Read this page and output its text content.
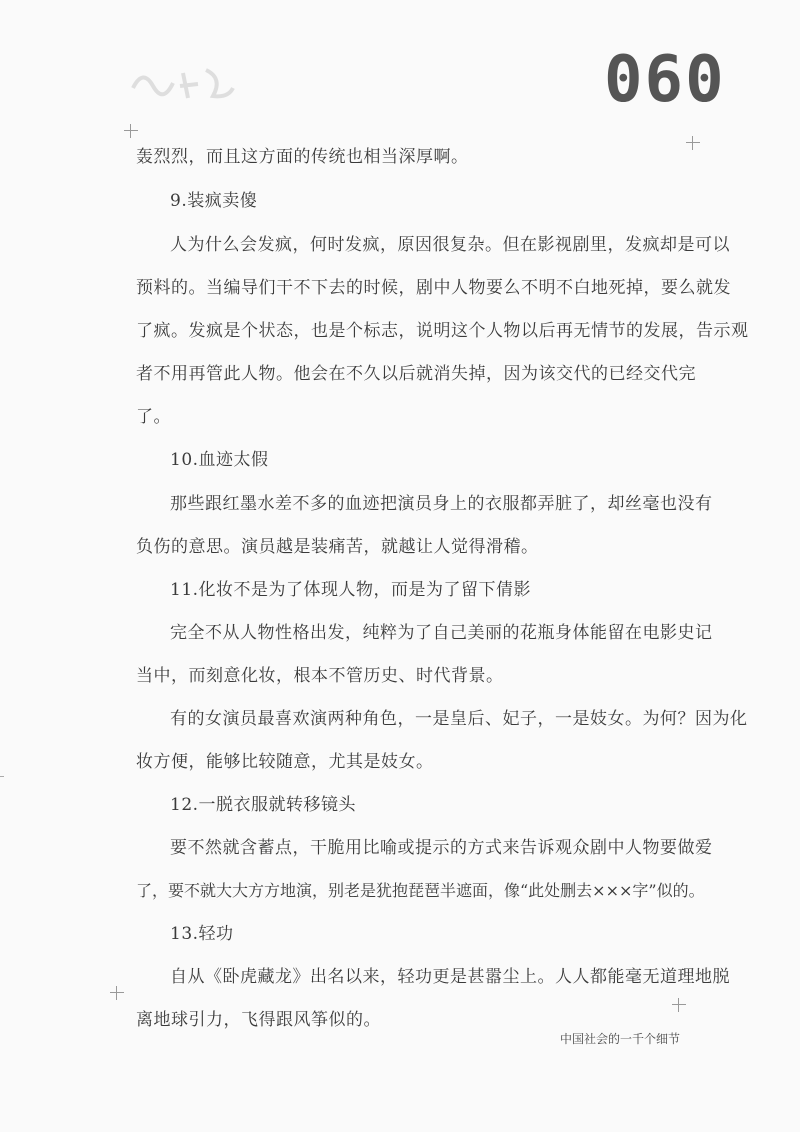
060
轰烈烈，而且这方面的传统也相当深厚啊。
9.装疯卖傻
人为什么会发疯，何时发疯，原因很复杂。但在影视剧里，发疯却是可以
预料的。当编导们干不下去的时候，剧中人物要么不明不白地死掉，要么就发
了疯。发疯是个状态，也是个标志，说明这个人物以后再无情节的发展，告示观
者不用再管此人物。他会在不久以后就消失掉，因为该交代的已经交代完
了。
10.血迹太假
那些跟红墨水差不多的血迹把演员身上的衣服都弄脏了，却丝毫也没有
负伤的意思。演员越是装痛苦，就越让人觉得滑稽。
11.化妆不是为了体现人物，而是为了留下倩影
完全不从人物性格出发，纯粹为了自己美丽的花瓶身体能留在电影史记
当中，而刻意化妆，根本不管历史、时代背景。
有的女演员最喜欢演两种角色，一是皇后、妃子，一是妓女。为何？因为化
妆方便，能够比较随意，尤其是妓女。
12.一脱衣服就转移镜头
要不然就含蓄点，干脆用比喻或提示的方式来告诉观众剧中人物要做爱
了，要不就大大方方地演，别老是犹抱琵琶半遮面，像“此处删去×××字”似的。
13.轻功
自从《卧虎藏龙》出名以来，轻功更是甚嚣尘上。人人都能毫无道理地脱
离地球引力，飞得跟风筝似的。
中国社会的一千个细节
